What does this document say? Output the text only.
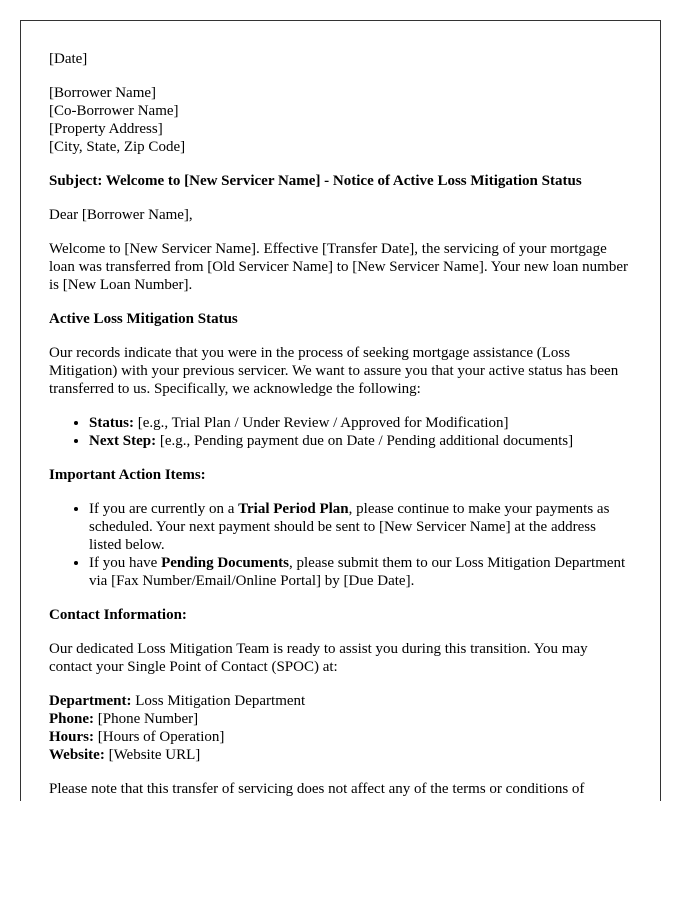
[Date]

[Borrower Name]
[Co-Borrower Name]
[Property Address]
[City, State, Zip Code]

Subject: Welcome to [New Servicer Name] - Notice of Active Loss Mitigation Status

Dear [Borrower Name],

Welcome to [New Servicer Name]. Effective [Transfer Date], the servicing of your mortgage loan was transferred from [Old Servicer Name] to [New Servicer Name]. Your new loan number is [New Loan Number].

Active Loss Mitigation Status

Our records indicate that you were in the process of seeking mortgage assistance (Loss Mitigation) with your previous servicer. We want to assure you that your active status has been transferred to us. Specifically, we acknowledge the following:

• Status: [e.g., Trial Plan / Under Review / Approved for Modification]
• Next Step: [e.g., Pending payment due on Date / Pending additional documents]

Important Action Items:

• If you are currently on a Trial Period Plan, please continue to make your payments as scheduled. Your next payment should be sent to [New Servicer Name] at the address listed below.
• If you have Pending Documents, please submit them to our Loss Mitigation Department via [Fax Number/Email/Online Portal] by [Due Date].

Contact Information:

Our dedicated Loss Mitigation Team is ready to assist you during this transition. You may contact your Single Point of Contact (SPOC) at:

Department: Loss Mitigation Department
Phone: [Phone Number]
Hours: [Hours of Operation]
Website: [Website URL]

Please note that this transfer of servicing does not affect any of the terms or conditions of
